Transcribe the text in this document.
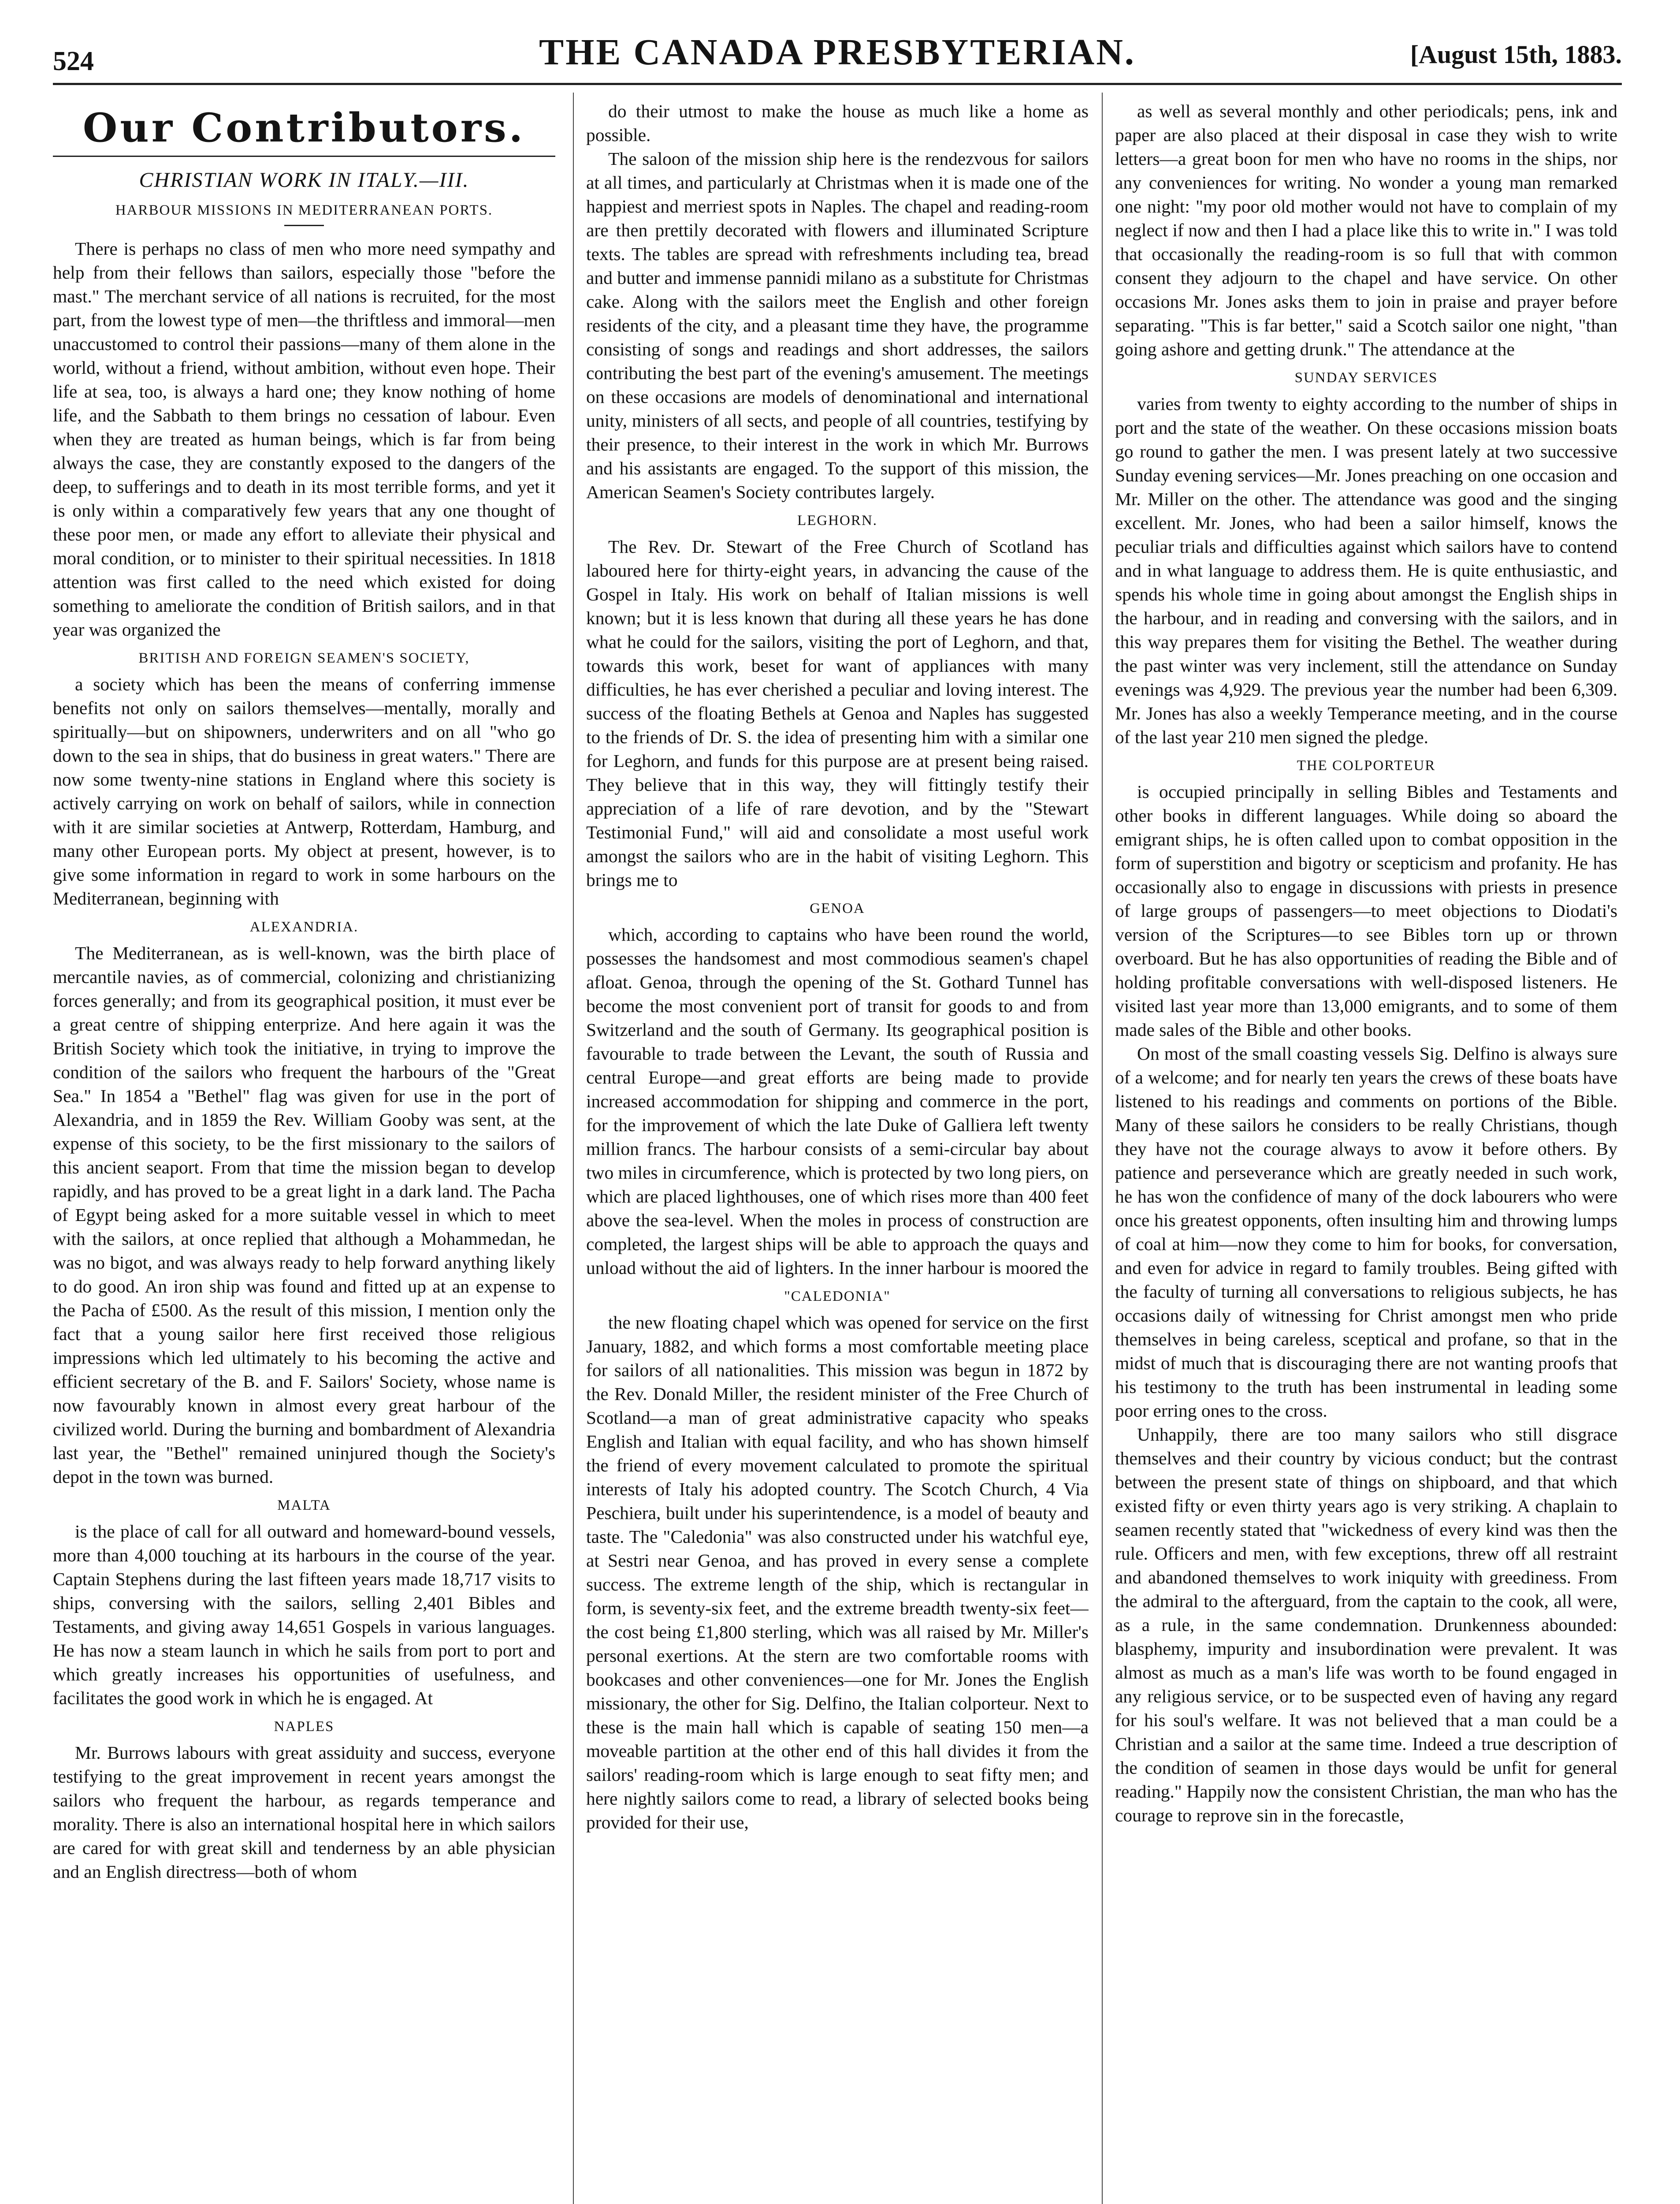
524	THE CANADA PRESBYTERIAN.	[August 15th, 1883.
Our Contributors.
CHRISTIAN WORK IN ITALY.—III.
HARBOUR MISSIONS IN MEDITERRANEAN PORTS.

There is perhaps no class of men who more need sympathy and help from their fellows than sailors, especially those "before the mast." The merchant service of all nations is recruited, for the most part, from the lowest type of men—the thriftless and immoral—men unaccustomed to control their passions—many of them alone in the world, without a friend, without ambition, without even hope. Their life at sea, too, is always a hard one; they know nothing of home life, and the Sabbath to them brings no cessation of labour. Even when they are treated as human beings, which is far from being always the case, they are constantly exposed to the dangers of the deep, to sufferings and to death in its most terrible forms, and yet it is only within a comparatively few years that any one thought of these poor men, or made any effort to alleviate their physical and moral condition, or to minister to their spiritual necessities. In 1818 attention was first called to the need which existed for doing something to ameliorate the condition of British sailors, and in that year was organized the

BRITISH AND FOREIGN SEAMEN'S SOCIETY,

a society which has been the means of conferring immense benefits not only on sailors themselves—mentally, morally and spiritually—but on shipowners, underwriters and on all "who go down to the sea in ships, that do business in great waters." There are now some twenty-nine stations in England where this society is actively carrying on work on behalf of sailors, while in connection with it are similar societies at Antwerp, Rotterdam, Hamburg, and many other European ports. My object at present, however, is to give some information in regard to work in some harbours on the Mediterranean, beginning with

ALEXANDRIA.

The Mediterranean, as is well-known, was the birth place of mercantile navies, as of commercial, colonizing and christianizing forces generally; and from its geographical position, it must ever be a great centre of shipping enterprize. And here again it was the British Society which took the initiative, in trying to improve the condition of the sailors who frequent the harbours of the "Great Sea." In 1854 a "Bethel" flag was given for use in the port of Alexandria, and in 1859 the Rev. William Gooby was sent, at the expense of this society, to be the first missionary to the sailors of this ancient seaport. From that time the mission began to develop rapidly, and has proved to be a great light in a dark land. The Pacha of Egypt being asked for a more suitable vessel in which to meet with the sailors, at once replied that although a Mohammedan, he was no bigot, and was always ready to help forward anything likely to do good. An iron ship was found and fitted up at an expense to the Pacha of £500. As the result of this mission, I mention only the fact that a young sailor here first received those religious impressions which led ultimately to his becoming the active and efficient secretary of the B. and F. Sailors' Society, whose name is now favourably known in almost every great harbour of the civilized world. During the burning and bombardment of Alexandria last year, the "Bethel" remained uninjured though the Society's depot in the town was burned.

MALTA

is the place of call for all outward and homeward-bound vessels, more than 4,000 touching at its harbours in the course of the year. Captain Stephens during the last fifteen years made 18,717 visits to ships, conversing with the sailors, selling 2,401 Bibles and Testaments, and giving away 14,651 Gospels in various languages. He has now a steam launch in which he sails from port to port and which greatly increases his opportunities of usefulness, and facilitates the good work in which he is engaged. At

NAPLES

Mr. Burrows labours with great assiduity and success, everyone testifying to the great improvement in recent years amongst the sailors who frequent the harbour, as regards temperance and morality. There is also an international hospital here in which sailors are cared for with great skill and tenderness by an able physician and an English directress—both of whom

do their utmost to make the house as much like a home as possible.

The saloon of the mission ship here is the rendezvous for sailors at all times, and particularly at Christmas when it is made one of the happiest and merriest spots in Naples. The chapel and reading-room are then prettily decorated with flowers and illuminated Scripture texts. The tables are spread with refreshments including tea, bread and butter and immense pannidi milano as a substitute for Christmas cake. Along with the sailors meet the English and other foreign residents of the city, and a pleasant time they have, the programme consisting of songs and readings and short addresses, the sailors contributing the best part of the evening's amusement. The meetings on these occasions are models of denominational and international unity, ministers of all sects, and people of all countries, testifying by their presence, to their interest in the work in which Mr. Burrows and his assistants are engaged. To the support of this mission, the American Seamen's Society contributes largely.

LEGHORN.

The Rev. Dr. Stewart of the Free Church of Scotland has laboured here for thirty-eight years, in advancing the cause of the Gospel in Italy. His work on behalf of Italian missions is well known; but it is less known that during all these years he has done what he could for the sailors, visiting the port of Leghorn, and that, towards this work, beset for want of appliances with many difficulties, he has ever cherished a peculiar and loving interest. The success of the floating Bethels at Genoa and Naples has suggested to the friends of Dr. S. the idea of presenting him with a similar one for Leghorn, and funds for this purpose are at present being raised. They believe that in this way, they will fittingly testify their appreciation of a life of rare devotion, and by the "Stewart Testimonial Fund," will aid and consolidate a most useful work amongst the sailors who are in the habit of visiting Leghorn. This brings me to

GENOA

which, according to captains who have been round the world, possesses the handsomest and most commodious seamen's chapel afloat. Genoa, through the opening of the St. Gothard Tunnel has become the most convenient port of transit for goods to and from Switzerland and the south of Germany. Its geographical position is favourable to trade between the Levant, the south of Russia and central Europe—and great efforts are being made to provide increased accommodation for shipping and commerce in the port, for the improvement of which the late Duke of Galliera left twenty million francs. The harbour consists of a semi-circular bay about two miles in circumference, which is protected by two long piers, on which are placed lighthouses, one of which rises more than 400 feet above the sea-level. When the moles in process of construction are completed, the largest ships will be able to approach the quays and unload without the aid of lighters. In the inner harbour is moored the

"CALEDONIA"

the new floating chapel which was opened for service on the first January, 1882, and which forms a most comfortable meeting place for sailors of all nationalities. This mission was begun in 1872 by the Rev. Donald Miller, the resident minister of the Free Church of Scotland—a man of great administrative capacity who speaks English and Italian with equal facility, and who has shown himself the friend of every movement calculated to promote the spiritual interests of Italy his adopted country. The Scotch Church, 4 Via Peschiera, built under his superintendence, is a model of beauty and taste. The "Caledonia" was also constructed under his watchful eye, at Sestri near Genoa, and has proved in every sense a complete success. The extreme length of the ship, which is rectangular in form, is seventy-six feet, and the extreme breadth twenty-six feet—the cost being £1,800 sterling, which was all raised by Mr. Miller's personal exertions. At the stern are two comfortable rooms with bookcases and other conveniences—one for Mr. Jones the English missionary, the other for Sig. Delfino, the Italian colporteur. Next to these is the main hall which is capable of seating 150 men—a moveable partition at the other end of this hall divides it from the sailors' reading-room which is large enough to seat fifty men; and here nightly sailors come to read, a library of selected books being provided for their use,

as well as several monthly and other periodicals; pens, ink and paper are also placed at their disposal in case they wish to write letters—a great boon for men who have no rooms in the ships, nor any conveniences for writing. No wonder a young man remarked one night: "my poor old mother would not have to complain of my neglect if now and then I had a place like this to write in." I was told that occasionally the reading-room is so full that with common consent they adjourn to the chapel and have service. On other occasions Mr. Jones asks them to join in praise and prayer before separating. "This is far better," said a Scotch sailor one night, "than going ashore and getting drunk." The attendance at the

SUNDAY SERVICES

varies from twenty to eighty according to the number of ships in port and the state of the weather. On these occasions mission boats go round to gather the men. I was present lately at two successive Sunday evening services—Mr. Jones preaching on one occasion and Mr. Miller on the other. The attendance was good and the singing excellent. Mr. Jones, who had been a sailor himself, knows the peculiar trials and difficulties against which sailors have to contend and in what language to address them. He is quite enthusiastic, and spends his whole time in going about amongst the English ships in the harbour, and in reading and conversing with the sailors, and in this way prepares them for visiting the Bethel. The weather during the past winter was very inclement, still the attendance on Sunday evenings was 4,929. The previous year the number had been 6,309. Mr. Jones has also a weekly Temperance meeting, and in the course of the last year 210 men signed the pledge.

THE COLPORTEUR

is occupied principally in selling Bibles and Testaments and other books in different languages. While doing so aboard the emigrant ships, he is often called upon to combat opposition in the form of superstition and bigotry or scepticism and profanity. He has occasionally also to engage in discussions with priests in presence of large groups of passengers—to meet objections to Diodati's version of the Scriptures—to see Bibles torn up or thrown overboard. But he has also opportunities of reading the Bible and of holding profitable conversations with well-disposed listeners. He visited last year more than 13,000 emigrants, and to some of them made sales of the Bible and other books.

On most of the small coasting vessels Sig. Delfino is always sure of a welcome; and for nearly ten years the crews of these boats have listened to his readings and comments on portions of the Bible. Many of these sailors he considers to be really Christians, though they have not the courage always to avow it before others. By patience and perseverance which are greatly needed in such work, he has won the confidence of many of the dock labourers who were once his greatest opponents, often insulting him and throwing lumps of coal at him—now they come to him for books, for conversation, and even for advice in regard to family troubles. Being gifted with the faculty of turning all conversations to religious subjects, he has occasions daily of witnessing for Christ amongst men who pride themselves in being careless, sceptical and profane, so that in the midst of much that is discouraging there are not wanting proofs that his testimony to the truth has been instrumental in leading some poor erring ones to the cross.

Unhappily, there are too many sailors who still disgrace themselves and their country by vicious conduct; but the contrast between the present state of things on shipboard, and that which existed fifty or even thirty years ago is very striking. A chaplain to seamen recently stated that "wickedness of every kind was then the rule. Officers and men, with few exceptions, threw off all restraint and abandoned themselves to work iniquity with greediness. From the admiral to the afterguard, from the captain to the cook, all were, as a rule, in the same condemnation. Drunkenness abounded: blasphemy, impurity and insubordination were prevalent. It was almost as much as a man's life was worth to be found engaged in any religious service, or to be suspected even of having any regard for his soul's welfare. It was not believed that a man could be a Christian and a sailor at the same time. Indeed a true description of the condition of seamen in those days would be unfit for general reading." Happily now the consistent Christian, the man who has the courage to reprove sin in the forecastle,
